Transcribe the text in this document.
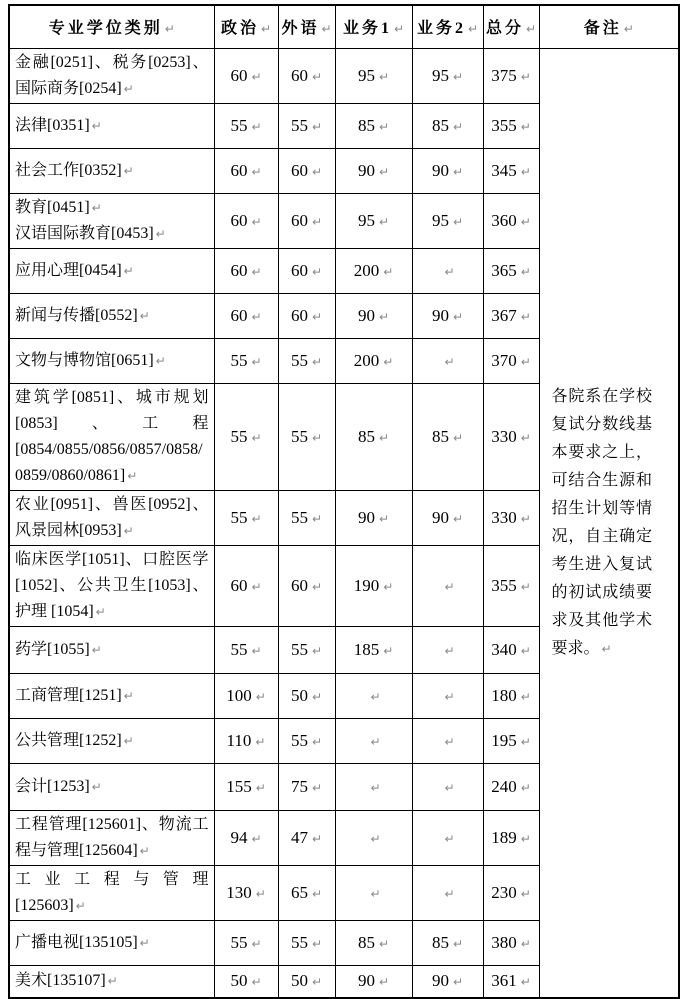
专业学位类别 ↵	政治 ↵	外语 ↵	业务1 ↵	业务2 ↵	总分 ↵	备注 ↵

金融[0251]、税务[0253]、国际商务[0254] ↵	60 ↵	60 ↵	95 ↵	95 ↵	375 ↵	各院系在学校复试分数线基本要求之上，可结合生源和招生计划等情况，自主确定考生进入复试的初试成绩要求及其他学术要求。 ↵

法律[0351] ↵	55 ↵	55 ↵	85 ↵	85 ↵	355 ↵	

社会工作[0352] ↵	60 ↵	60 ↵	90 ↵	90 ↵	345 ↵	

教育[0451] ↵
汉语国际教育[0453] ↵	60 ↵	60 ↵	95 ↵	95 ↵	360 ↵	

应用心理[0454] ↵	60 ↵	60 ↵	200 ↵	↵	365 ↵	

新闻与传播[0552] ↵	60 ↵	60 ↵	90 ↵	90 ↵	367 ↵	

文物与博物馆[0651] ↵	55 ↵	55 ↵	200 ↵	↵	370 ↵	

建筑学[0851]、城市规划[0853]、工程[0854/0855/0856/0857/0858/0859/0860/0861] ↵	55 ↵	55 ↵	85 ↵	85 ↵	330 ↵	

农业[0951]、兽医[0952]、风景园林[0953] ↵	55 ↵	55 ↵	90 ↵	90 ↵	330 ↵	

临床医学[1051]、口腔医学[1052]、公共卫生[1053]、护理 [1054] ↵	60 ↵	60 ↵	190 ↵	↵	355 ↵	

药学[1055] ↵	55 ↵	55 ↵	185 ↵	↵	340 ↵	

工商管理[1251] ↵	100 ↵	50 ↵	↵	↵	180 ↵	

公共管理[1252] ↵	110 ↵	55 ↵	↵	↵	195 ↵	

会计[1253] ↵	155 ↵	75 ↵	↵	↵	240 ↵	

工程管理[125601]、物流工程与管理[125604] ↵	94 ↵	47 ↵	↵	↵	189 ↵	

工业工程与管理
[125603] ↵	130 ↵	65 ↵	↵	↵	230 ↵	

广播电视[135105] ↵	55 ↵	55 ↵	85 ↵	85 ↵	380 ↵	

美术[135107] ↵	50 ↵	50 ↵	90 ↵	90 ↵	361 ↵	
